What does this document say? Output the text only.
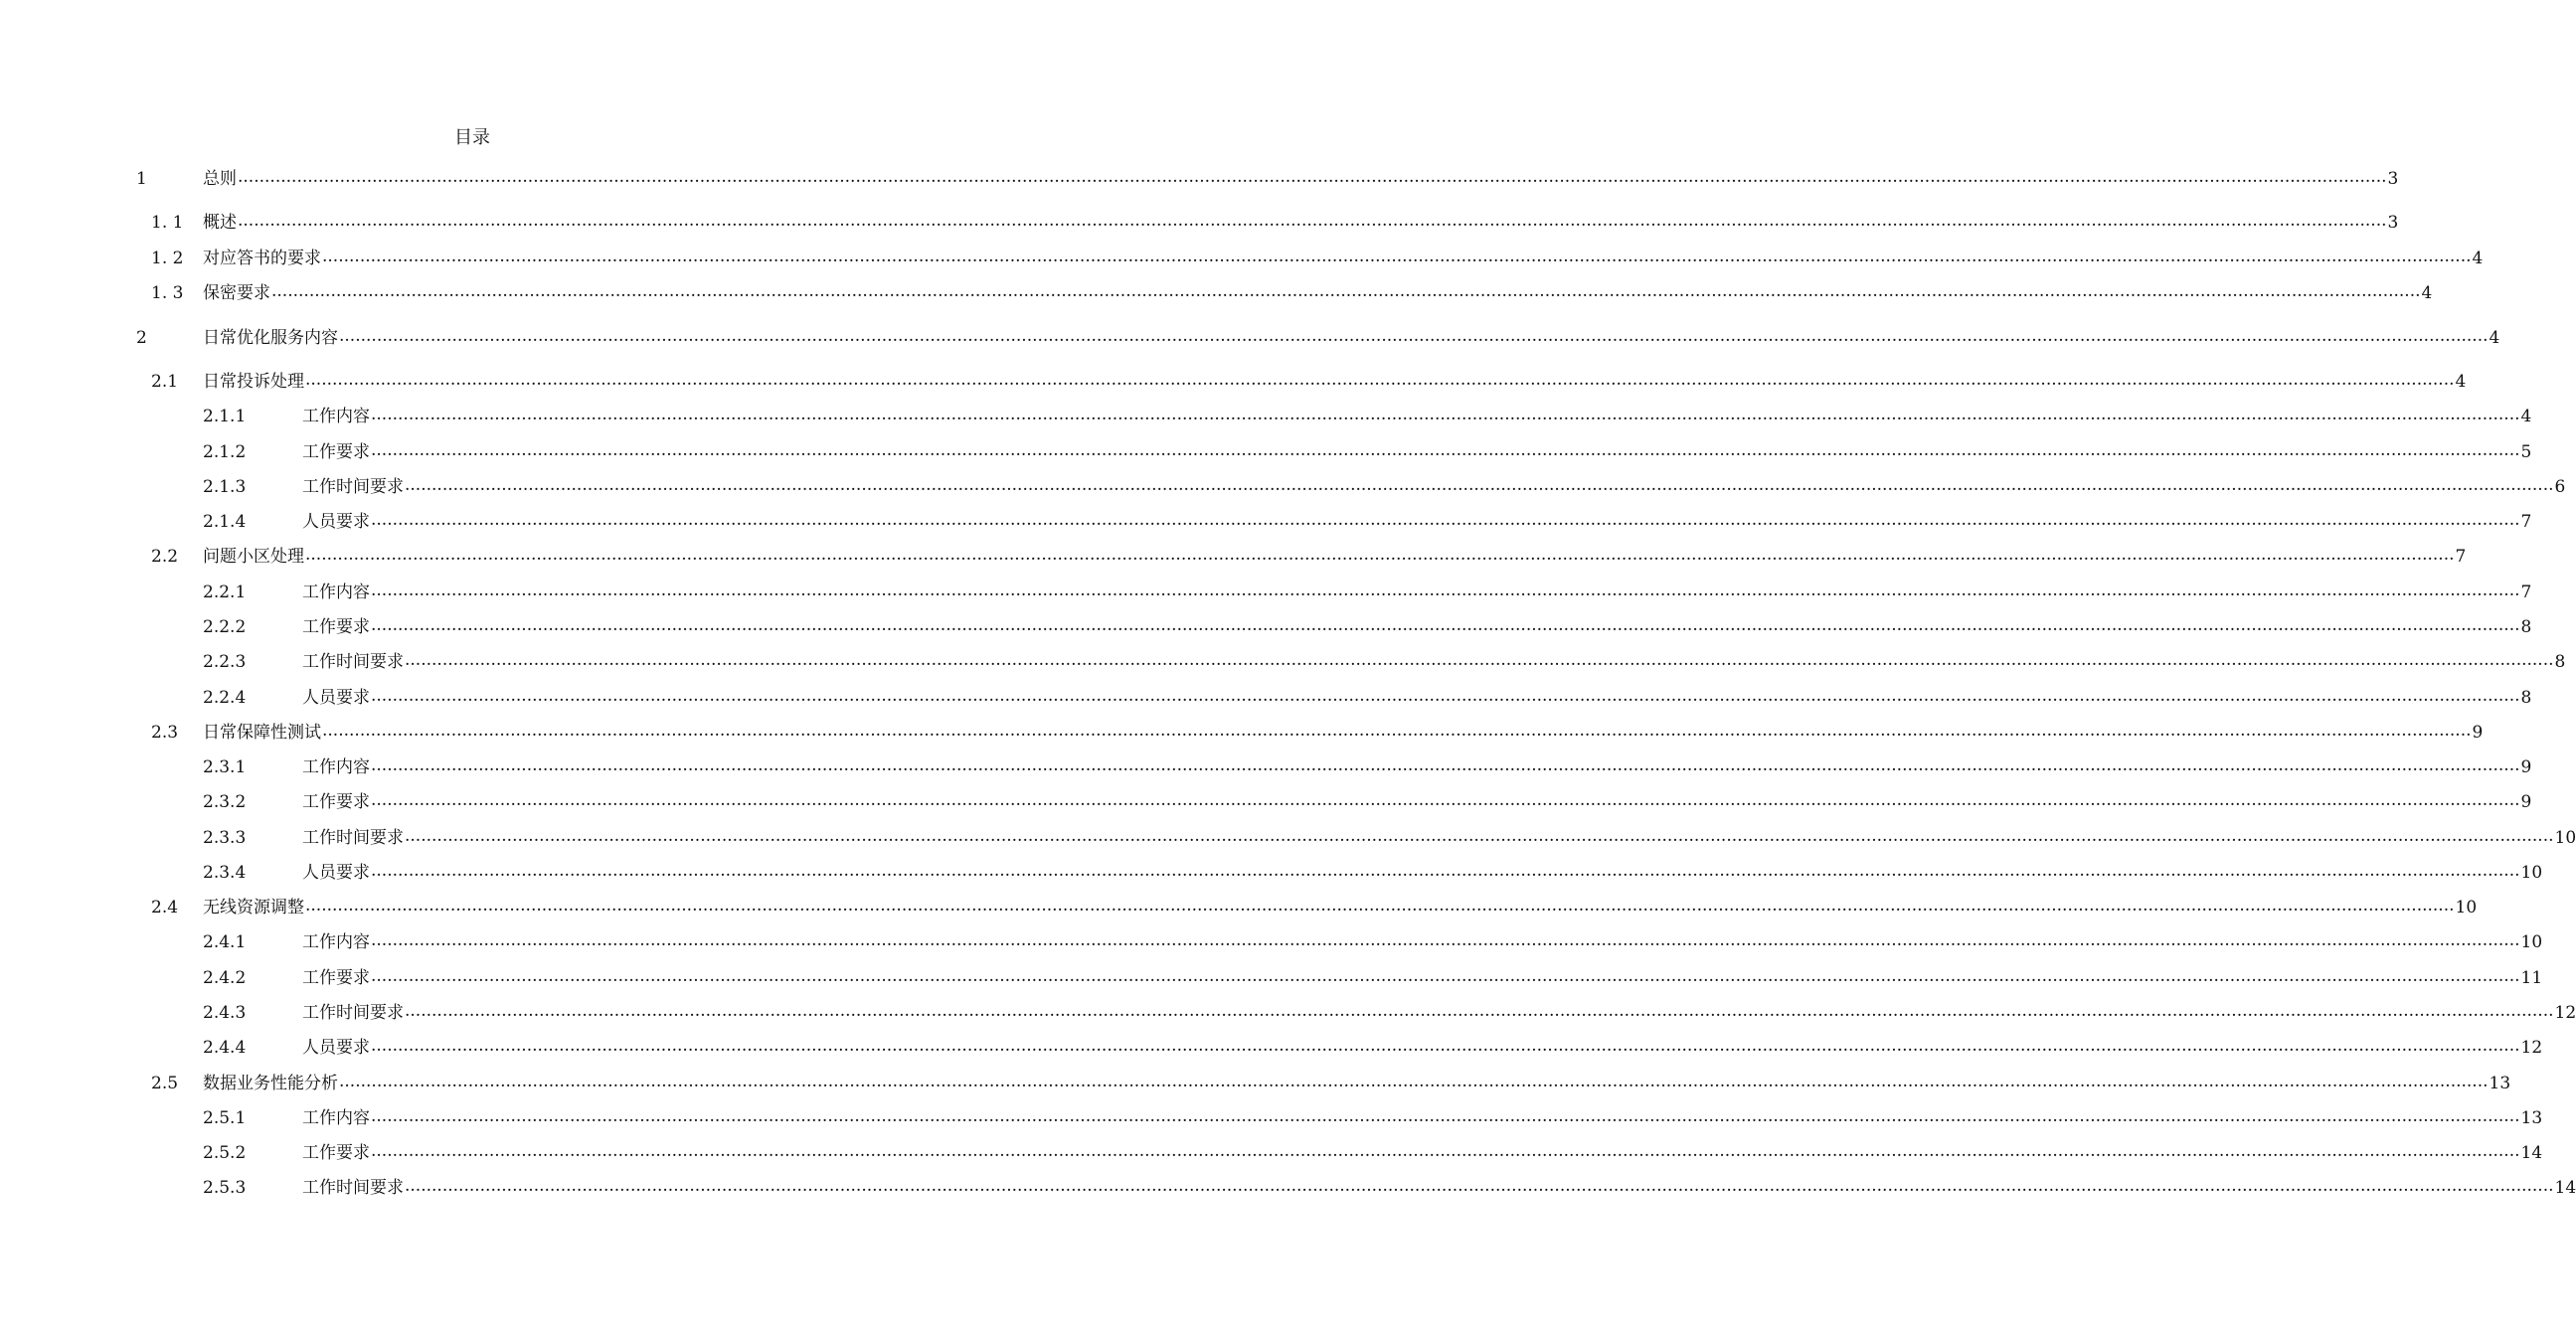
目录
1	总则 ................................................................................................................................................................................................................................................................................................................................................................................................................ 3
1. 1 概述 ................................................................................................................................................................................................................................................................................................................................................................................................................ 3
1. 2 对应答书的要求 ................................................................................................................................................................................................................................................................................................................................................................................................................ 4
1. 3 保密要求 ................................................................................................................................................................................................................................................................................................................................................................................................................ 4
2	日常优化服务内容 ................................................................................................................................................................................................................................................................................................................................................................................................................ 4
2.1 日常投诉处理 ................................................................................................................................................................................................................................................................................................................................................................................................................ 4
2.1.1	工作内容 ................................................................................................................................................................................................................................................................................................................................................................................................................ 4
2.1.2	工作要求 ................................................................................................................................................................................................................................................................................................................................................................................................................ 5
2.1.3	工作时间要求 ................................................................................................................................................................................................................................................................................................................................................................................................................ 6
2.1.4	人员要求 ................................................................................................................................................................................................................................................................................................................................................................................................................ 7
2.2 问题小区处理 ................................................................................................................................................................................................................................................................................................................................................................................................................ 7
2.2.1	工作内容 ................................................................................................................................................................................................................................................................................................................................................................................................................ 7
2.2.2	工作要求 ................................................................................................................................................................................................................................................................................................................................................................................................................ 8
2.2.3	工作时间要求 ................................................................................................................................................................................................................................................................................................................................................................................................................ 8
2.2.4	人员要求 ................................................................................................................................................................................................................................................................................................................................................................................................................ 8
2.3 日常保障性测试 ................................................................................................................................................................................................................................................................................................................................................................................................................ 9
2.3.1	工作内容 ................................................................................................................................................................................................................................................................................................................................................................................................................ 9
2.3.2	工作要求 ................................................................................................................................................................................................................................................................................................................................................................................................................ 9
2.3.3	工作时间要求 ................................................................................................................................................................................................................................................................................................................................................................................................................ 10
2.3.4	人员要求 ................................................................................................................................................................................................................................................................................................................................................................................................................ 10
2.4 无线资源调整 ................................................................................................................................................................................................................................................................................................................................................................................................................ 10
2.4.1	工作内容 ................................................................................................................................................................................................................................................................................................................................................................................................................ 10
2.4.2	工作要求 ................................................................................................................................................................................................................................................................................................................................................................................................................ 11
2.4.3	工作时间要求 ................................................................................................................................................................................................................................................................................................................................................................................................................ 12
2.4.4	人员要求 ................................................................................................................................................................................................................................................................................................................................................................................................................ 12
2.5 数据业务性能分析 ................................................................................................................................................................................................................................................................................................................................................................................................................ 13
2.5.1	工作内容 ................................................................................................................................................................................................................................................................................................................................................................................................................ 13
2.5.2	工作要求 ................................................................................................................................................................................................................................................................................................................................................................................................................ 14
2.5.3	工作时间要求 ................................................................................................................................................................................................................................................................................................................................................................................................................ 14
